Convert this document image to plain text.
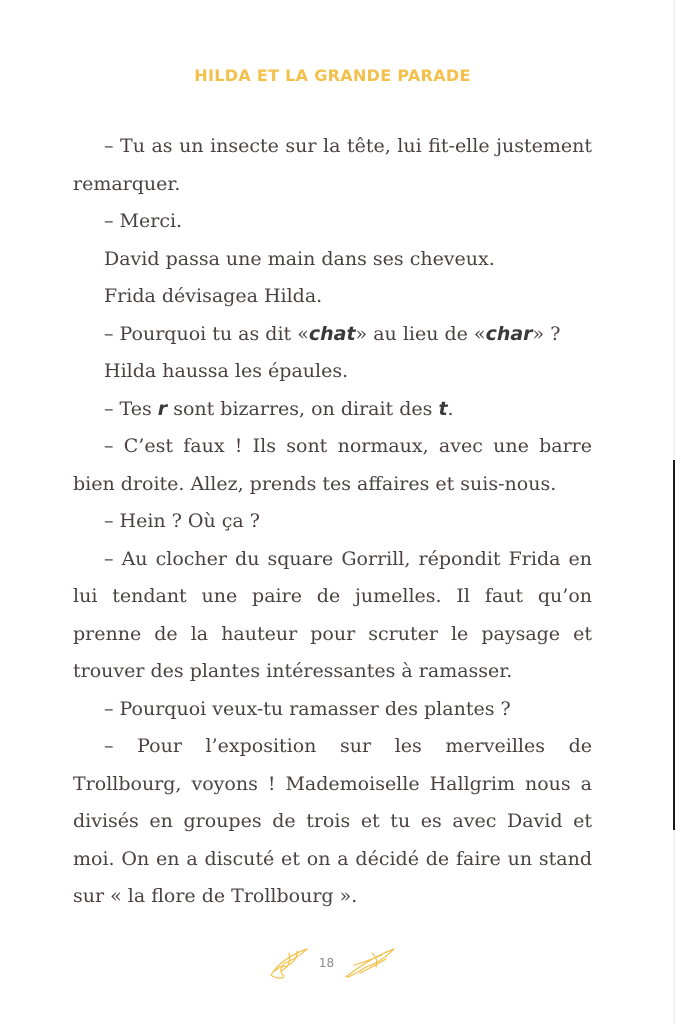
HILDA ET LA GRANDE PARADE

– Tu as un insecte sur la tête, lui fit-elle justement remarquer.

– Merci.

David passa une main dans ses cheveux.

Frida dévisagea Hilda.

– Pourquoi tu as dit «chat» au lieu de «char» ?

Hilda haussa les épaules.

– Tes r sont bizarres, on dirait des t.

– C’est faux ! Ils sont normaux, avec une barre bien droite. Allez, prends tes affaires et suis-nous.

– Hein ? Où ça ?

– Au clocher du square Gorrill, répondit Frida en lui tendant une paire de jumelles. Il faut qu’on prenne de la hauteur pour scruter le paysage et trouver des plantes intéressantes à ramasser.

– Pourquoi veux-tu ramasser des plantes ?

– Pour l’exposition sur les merveilles de Trollbourg, voyons ! Mademoiselle Hallgrim nous a divisés en groupes de trois et tu es avec David et moi. On en a discuté et on a décidé de faire un stand sur « la flore de Trollbourg ».

18
